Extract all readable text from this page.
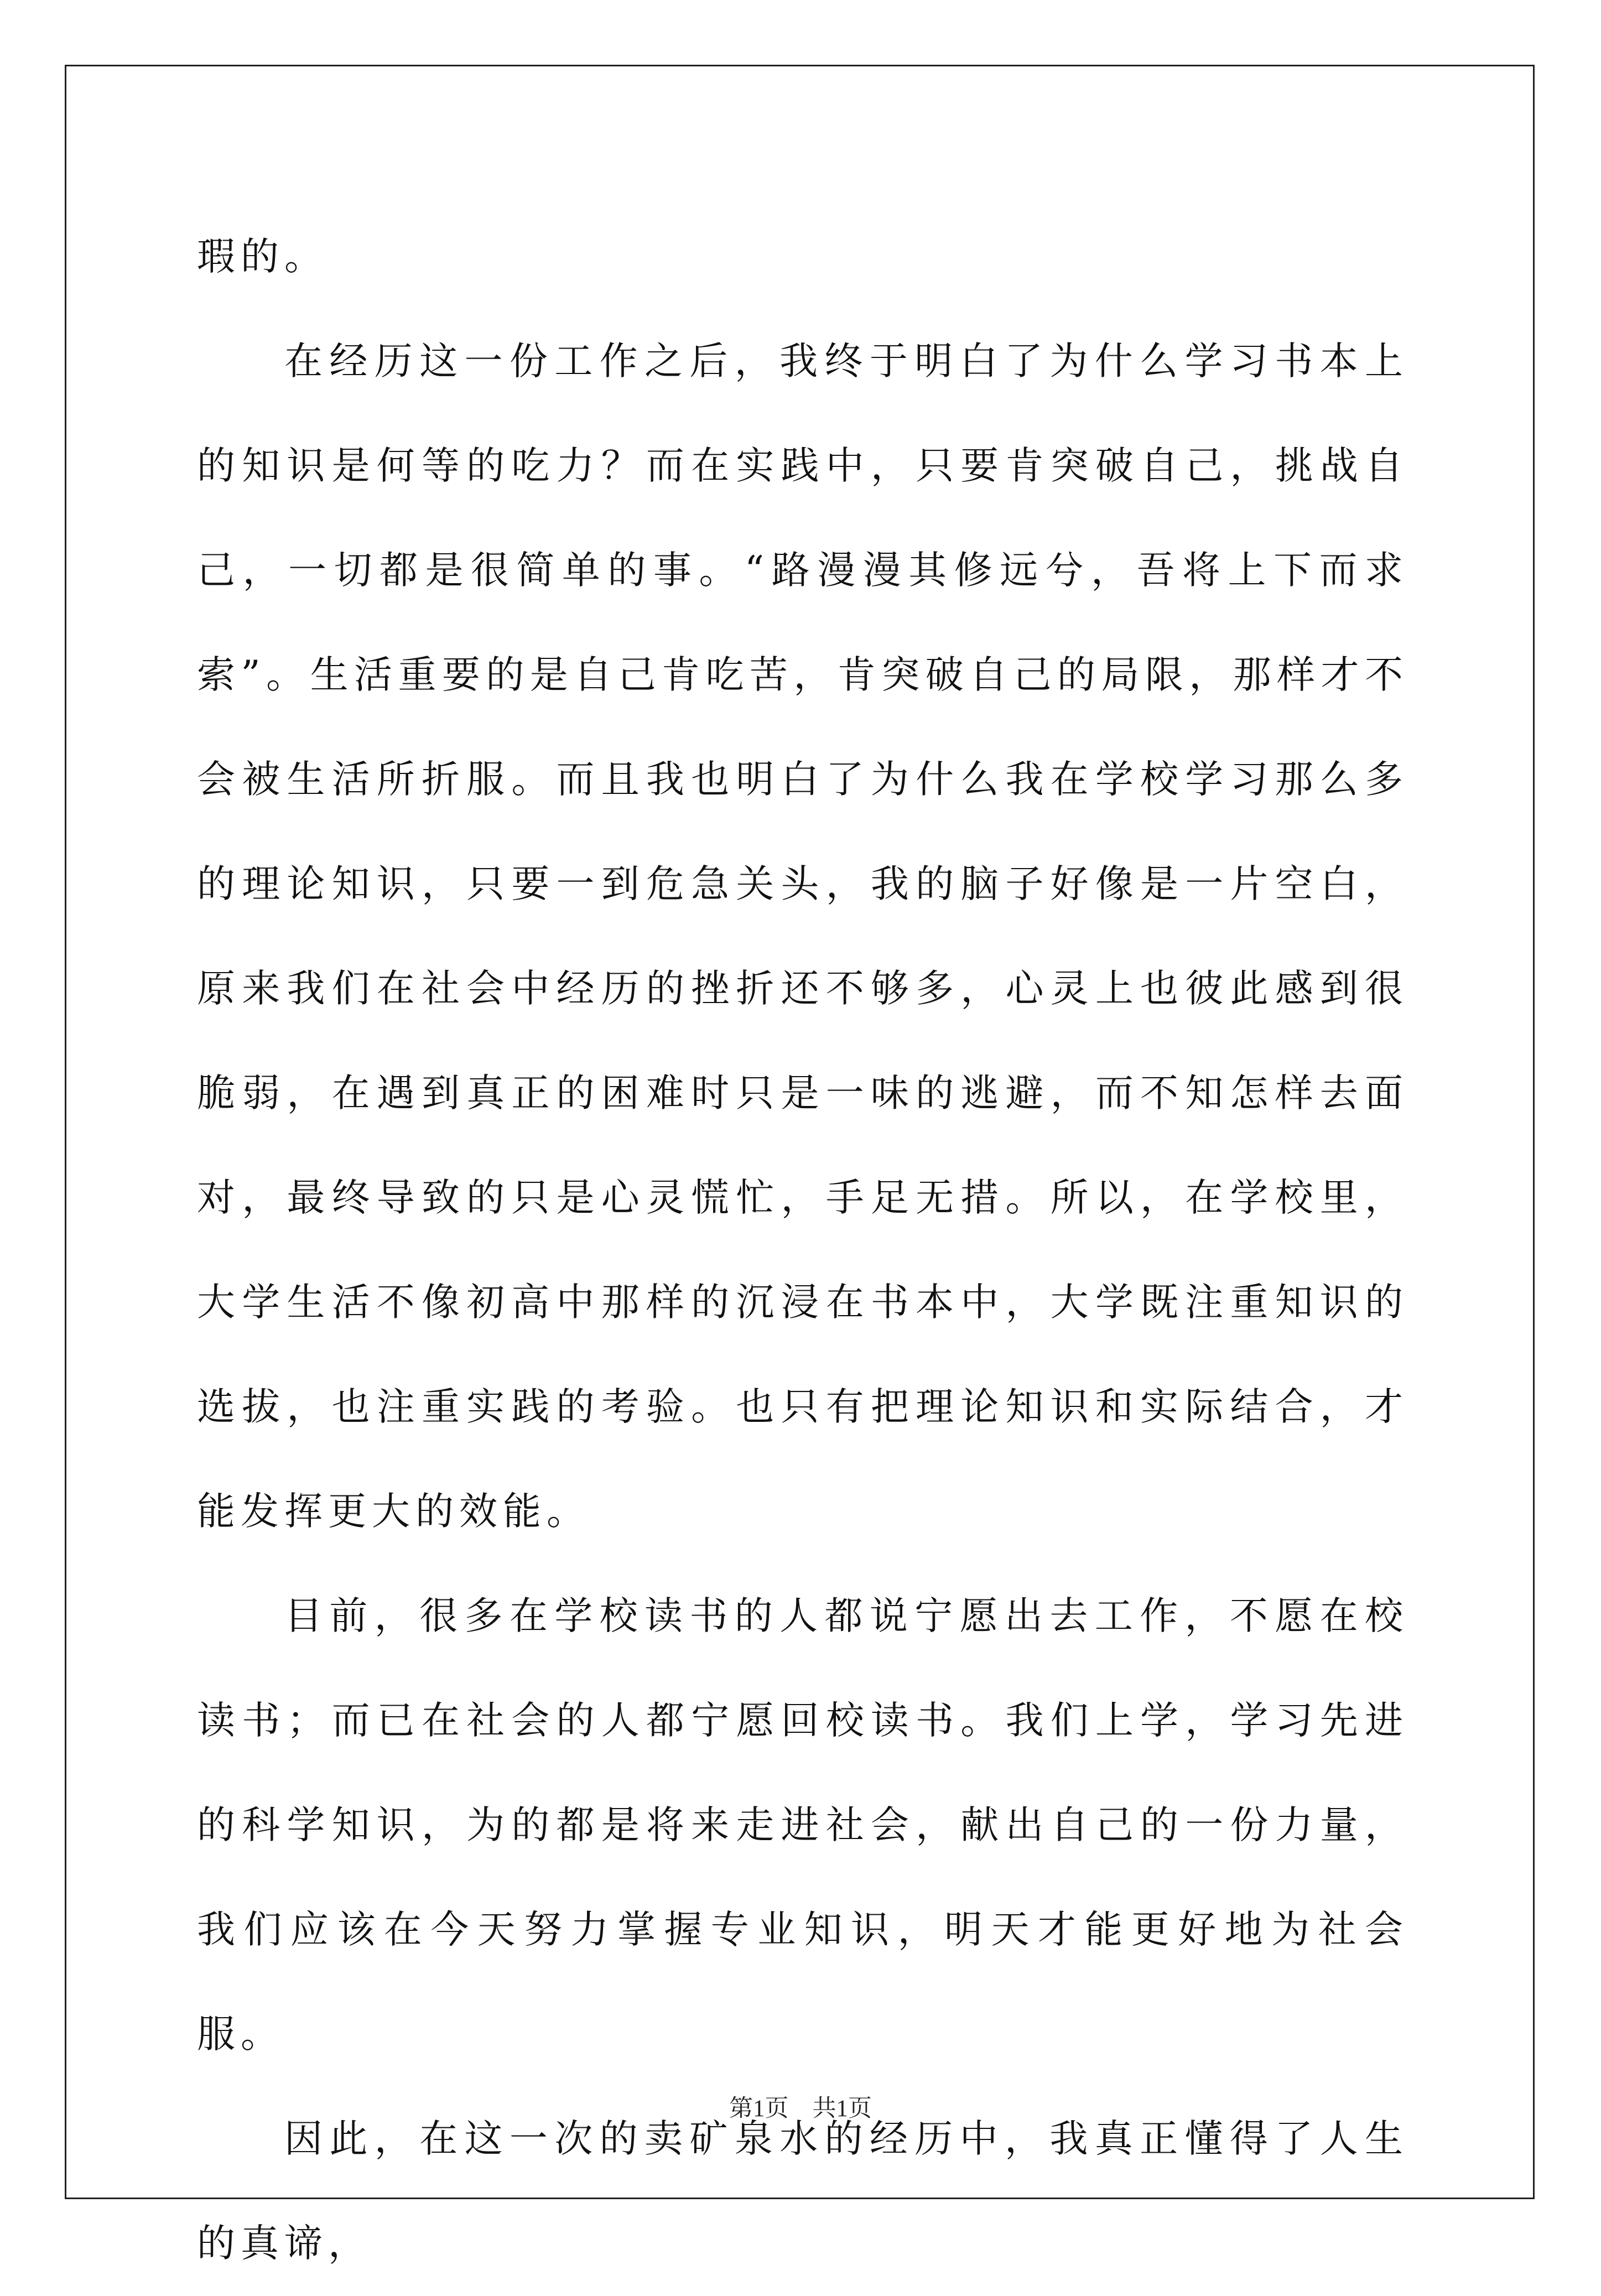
瑕的。

在经历这一份工作之后，我终于明白了为什么学习书本上的知识是何等的吃力？而在实践中，只要肯突破自己，挑战自己，一切都是很简单的事。“路漫漫其修远兮，吾将上下而求索”。生活重要的是自己肯吃苦，肯突破自己的局限，那样才不会被生活所折服。而且我也明白了为什么我在学校学习那么多的理论知识，只要一到危急关头，我的脑子好像是一片空白，原来我们在社会中经历的挫折还不够多，心灵上也彼此感到很脆弱，在遇到真正的困难时只是一味的逃避，而不知怎样去面对，最终导致的只是心灵慌忙，手足无措。所以，在学校里，大学生活不像初高中那样的沉浸在书本中，大学既注重知识的选拔，也注重实践的考验。也只有把理论知识和实际结合，才能发挥更大的效能。

目前，很多在学校读书的人都说宁愿出去工作，不愿在校读书；而已在社会的人都宁愿回校读书。我们上学，学习先进的科学知识，为的都是将来走进社会，献出自己的一份力量，我们应该在今天努力掌握专业知识，明天才能更好地为社会服。

因此，在这一次的卖矿泉水的经历中，我真正懂得了人生的真谛，

第1页　共1页
